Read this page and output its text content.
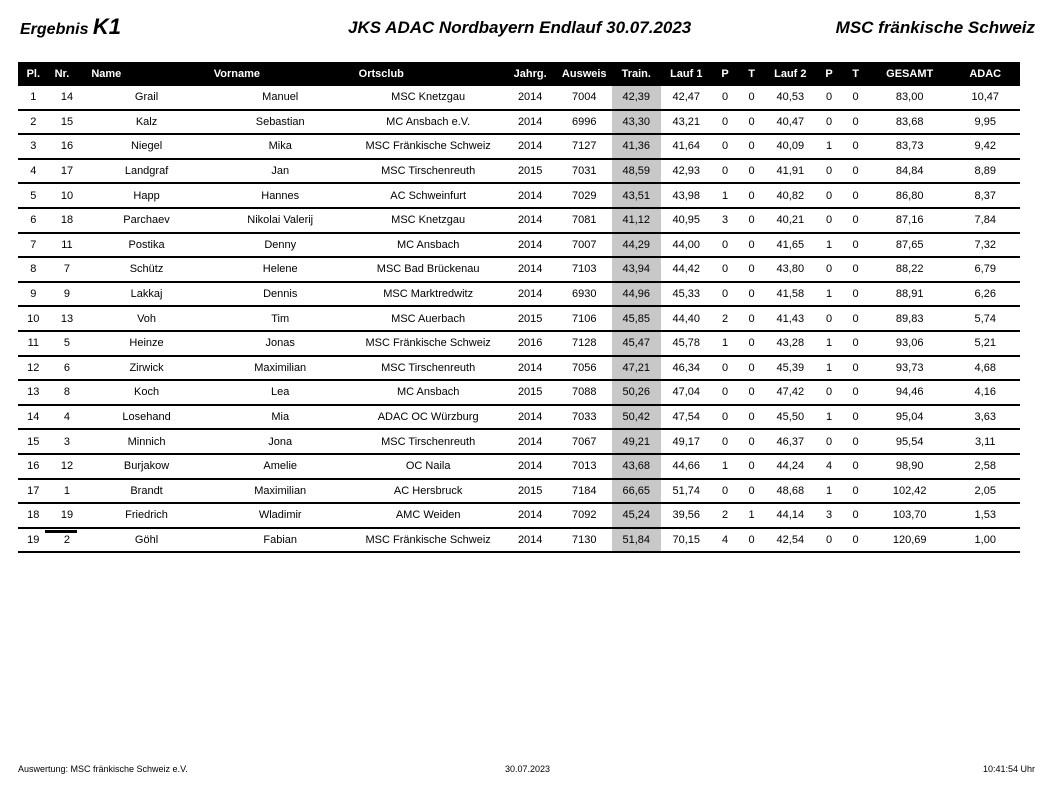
Ergebnis K1	JKS ADAC Nordbayern Endlauf 30.07.2023	MSC fränkische Schweiz
Pl.	Nr.	Name	Vorname	Ortsclub	Jahrg.	Ausweis	Train.	Lauf 1	P	T	Lauf 2	P	T	GESAMT	ADAC
1	14	Grail	Manuel	MSC Knetzgau	2014	7004	42,39	42,47	0	0	40,53	0	0	83,00	10,47
2	15	Kalz	Sebastian	MC Ansbach e.V.	2014	6996	43,30	43,21	0	0	40,47	0	0	83,68	9,95
3	16	Niegel	Mika	MSC Fränkische Schweiz	2014	7127	41,36	41,64	0	0	40,09	1	0	83,73	9,42
4	17	Landgraf	Jan	MSC Tirschenreuth	2015	7031	48,59	42,93	0	0	41,91	0	0	84,84	8,89
5	10	Happ	Hannes	AC Schweinfurt	2014	7029	43,51	43,98	1	0	40,82	0	0	86,80	8,37
6	18	Parchaev	Nikolai Valerij	MSC Knetzgau	2014	7081	41,12	40,95	3	0	40,21	0	0	87,16	7,84
7	11	Postika	Denny	MC Ansbach	2014	7007	44,29	44,00	0	0	41,65	1	0	87,65	7,32
8	7	Schütz	Helene	MSC Bad Brückenau	2014	7103	43,94	44,42	0	0	43,80	0	0	88,22	6,79
9	9	Lakkaj	Dennis	MSC Marktredwitz	2014	6930	44,96	45,33	0	0	41,58	1	0	88,91	6,26
10	13	Voh	Tim	MSC Auerbach	2015	7106	45,85	44,40	2	0	41,43	0	0	89,83	5,74
11	5	Heinze	Jonas	MSC Fränkische Schweiz	2016	7128	45,47	45,78	1	0	43,28	1	0	93,06	5,21
12	6	Zirwick	Maximilian	MSC Tirschenreuth	2014	7056	47,21	46,34	0	0	45,39	1	0	93,73	4,68
13	8	Koch	Lea	MC Ansbach	2015	7088	50,26	47,04	0	0	47,42	0	0	94,46	4,16
14	4	Losehand	Mia	ADAC OC Würzburg	2014	7033	50,42	47,54	0	0	45,50	1	0	95,04	3,63
15	3	Minnich	Jona	MSC Tirschenreuth	2014	7067	49,21	49,17	0	0	46,37	0	0	95,54	3,11
16	12	Burjakow	Amelie	OC Naila	2014	7013	43,68	44,66	1	0	44,24	4	0	98,90	2,58
17	1	Brandt	Maximilian	AC Hersbruck	2015	7184	66,65	51,74	0	0	48,68	1	0	102,42	2,05
18	19	Friedrich	Wladimir	AMC Weiden	2014	7092	45,24	39,56	2	1	44,14	3	0	103,70	1,53
19	2	Göhl	Fabian	MSC Fränkische Schweiz	2014	7130	51,84	70,15	4	0	42,54	0	0	120,69	1,00
Auswertung: MSC fränkische Schweiz e.V.	30.07.2023	10:41:54 Uhr
